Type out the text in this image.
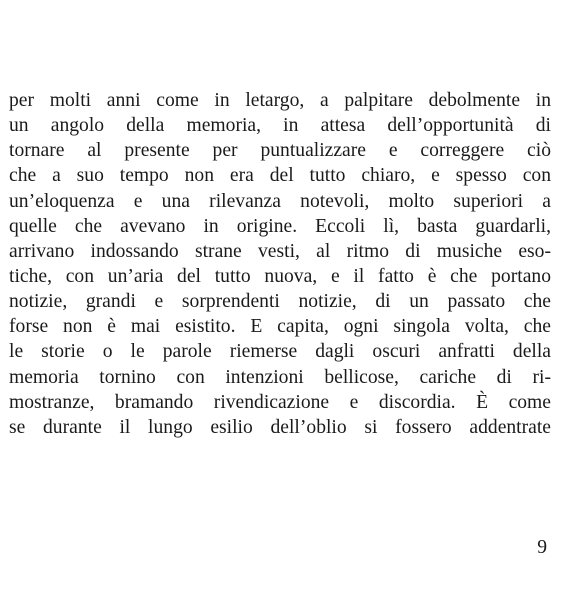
per molti anni come in letargo, a palpitare debolmente in
un angolo della memoria, in attesa dell’opportunità di
tornare al presente per puntualizzare e correggere ciò
che a suo tempo non era del tutto chiaro, e spesso con
un’eloquenza e una rilevanza notevoli, molto superiori a
quelle che avevano in origine. Eccoli lì, basta guardarli,
arrivano indossando strane vesti, al ritmo di musiche eso-
tiche, con un’aria del tutto nuova, e il fatto è che portano
notizie, grandi e sorprendenti notizie, di un passato che
forse non è mai esistito. E capita, ogni singola volta, che
le storie o le parole riemerse dagli oscuri anfratti della
memoria tornino con intenzioni bellicose, cariche di ri-
mostranze, bramando rivendicazione e discordia. È come
se durante il lungo esilio dell’oblio si fossero addentrate
9
